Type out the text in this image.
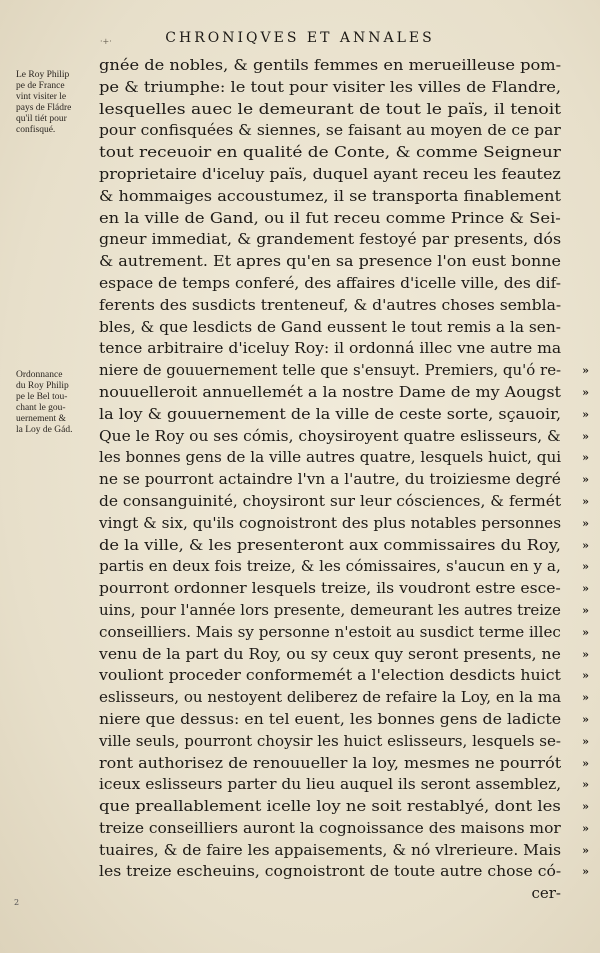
CHRONIQVES ET ANNALES
·+·
Le Roy Philip
pe de France
vint visiter le
pays de Fládre
qu'il tiét pour
confisqué.
Ordonnance
du Roy Philip
pe le Bel tou-
chant le gou-
uernement &
la Loy de Gád.
gnée de nobles, & gentils femmes en merueilleuse pom-
pe & triumphe: le tout pour visiter les villes de Flandre,
lesquelles auec le demeurant de tout le païs, il tenoit
pour confisquées & siennes, se faisant au moyen de ce par
tout receuoir en qualité de Conte, & comme Seigneur
proprietaire d'iceluy païs, duquel ayant receu les feautez
& hommaiges accoustumez, il se transporta finablement
en la ville de Gand, ou il fut receu comme Prince & Sei-
gneur immediat, & grandement festoyé par presents, dós
& autrement. Et apres qu'en sa presence l'on eust bonne
espace de temps conferé, des affaires d'icelle ville, des dif-
ferents des susdicts trenteneuf, & d'autres choses sembla-
bles, & que lesdicts de Gand eussent le tout remis a la sen-
tence arbitraire d'iceluy Roy: il ordonná illec vne autre ma
niere de gouuernement telle que s'ensuyt. Premiers, qu'ó re- »
nouuelleroit annuellemét a la nostre Dame de my Aougst »
la loy & gouuernement de la ville de ceste sorte, sçauoir, »
Que le Roy ou ses cómis, choysiroyent quatre eslisseurs, & »
les bonnes gens de la ville autres quatre, lesquels huict, qui »
ne se pourront actaindre l'vn a l'autre, du troiziesme degré »
de consanguinité, choysiront sur leur cósciences, & fermét »
vingt & six, qu'ils cognoistront des plus notables personnes »
de la ville, & les presenteront aux commissaires du Roy, »
partis en deux fois treize, & les cómissaires, s'aucun en y a, »
pourront ordonner lesquels treize, ils voudront estre esce- »
uins, pour l'année lors presente, demeurant les autres treize »
conseilliers. Mais sy personne n'estoit au susdict terme illec »
venu de la part du Roy, ou sy ceux quy seront presents, ne »
vouliont proceder conformemét a l'election desdicts huict »
eslisseurs, ou nestoyent deliberez de refaire la Loy, en la ma »
niere que dessus: en tel euent, les bonnes gens de ladicte »
ville seuls, pourront choysir les huict eslisseurs, lesquels se- »
ront authorisez de renouueller la loy, mesmes ne pourrót »
iceux eslisseurs parter du lieu auquel ils seront assemblez, »
que preallablement icelle loy ne soit restablyé, dont les »
treize conseilliers auront la cognoissance des maisons mor »
tuaires, & de faire les appaisements, & nó vlrerieure. Mais »
les treize escheuins, cognoistront de toute autre chose có- »
cer-
2
